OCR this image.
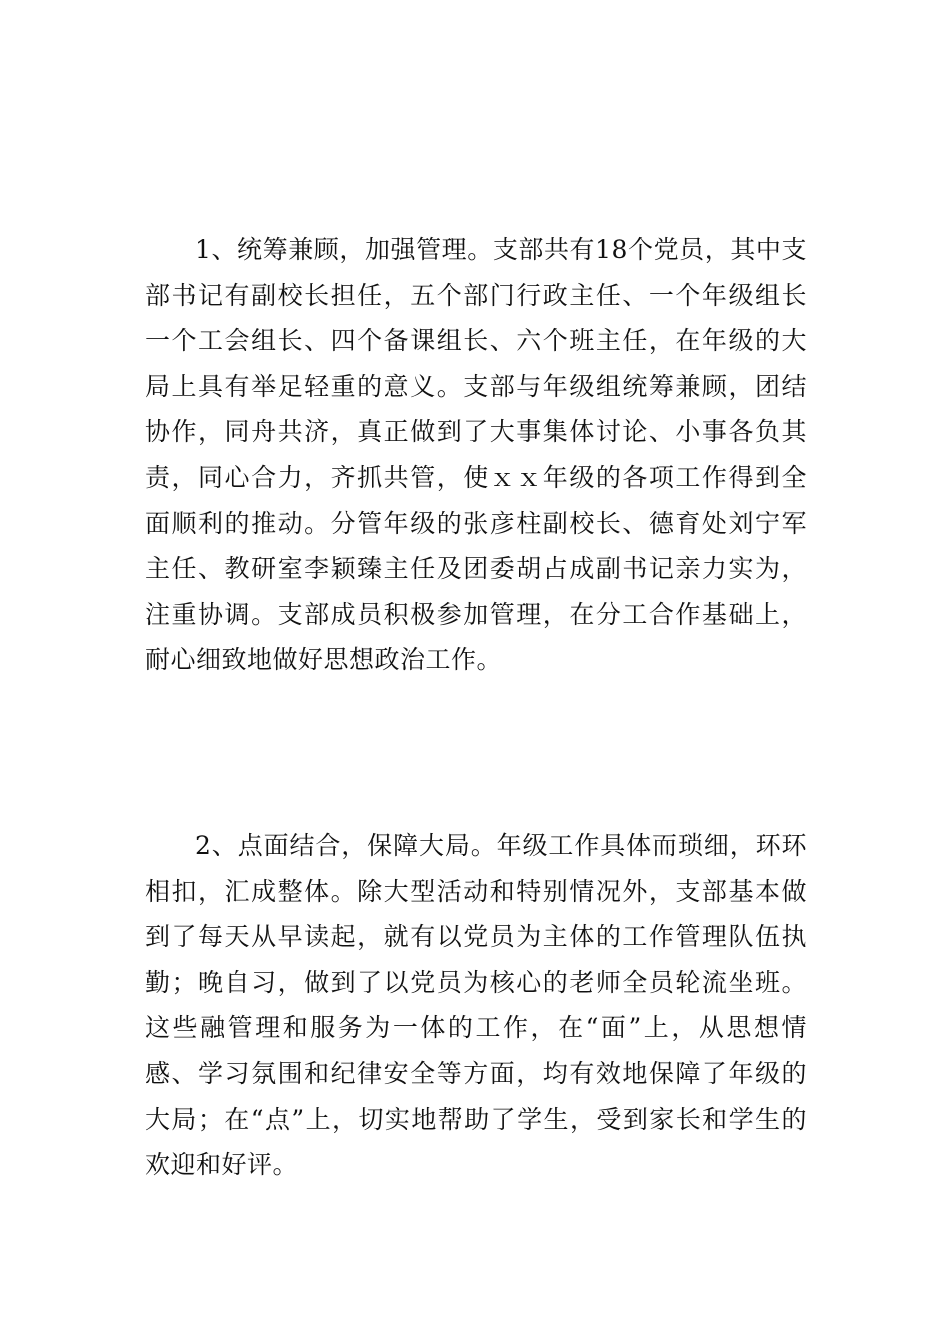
1、统筹兼顾，加强管理。支部共有18个党员，其中支部书记有副校长担任，五个部门行政主任、一个年级组长一个工会组长、四个备课组长、六个班主任，在年级的大局上具有举足轻重的意义。支部与年级组统筹兼顾，团结协作，同舟共济，真正做到了大事集体讨论、小事各负其责，同心合力，齐抓共管，使ｘｘ年级的各项工作得到全面顺利的推动。分管年级的张彦柱副校长、德育处刘宁军主任、教研室李颖臻主任及团委胡占成副书记亲力实为，注重协调。支部成员积极参加管理，在分工合作基础上，耐心细致地做好思想政治工作。

2、点面结合，保障大局。年级工作具体而琐细，环环相扣，汇成整体。除大型活动和特别情况外，支部基本做到了每天从早读起，就有以党员为主体的工作管理队伍执勤；晚自习，做到了以党员为核心的老师全员轮流坐班。这些融管理和服务为一体的工作，在“面”上，从思想情感、学习氛围和纪律安全等方面，均有效地保障了年级的大局；在“点”上，切实地帮助了学生，受到家长和学生的欢迎和好评。
